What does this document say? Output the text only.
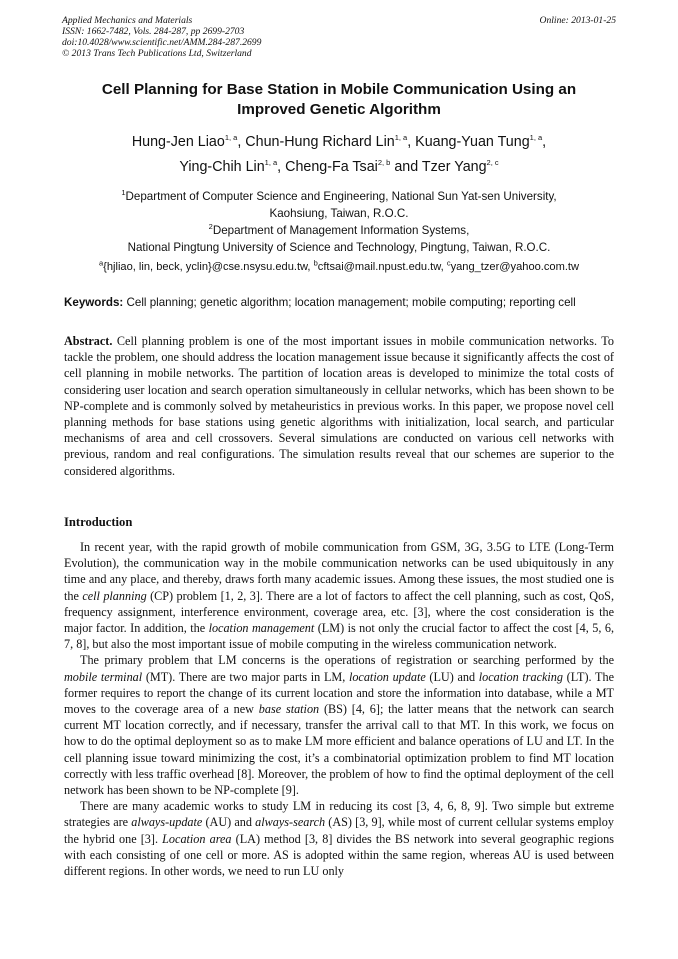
Applied Mechanics and Materials
ISSN: 1662-7482, Vols. 284-287, pp 2699-2703
doi:10.4028/www.scientific.net/AMM.284-287.2699
© 2013 Trans Tech Publications Ltd, Switzerland
Online: 2013-01-25
Cell Planning for Base Station in Mobile Communication Using an
Improved Genetic Algorithm
Hung-Jen Liao$^{1, a}$, Chun-Hung Richard Lin$^{1, a}$, Kuang-Yuan Tung$^{1, a}$,
Ying-Chih Lin$^{1, a}$, Cheng-Fa Tsai$^{2, b}$ and Tzer Yang$^{2, c}$
$^1$Department of Computer Science and Engineering, National Sun Yat-sen University,
Kaohsiung, Taiwan, R.O.C.
$^2$Department of Management Information Systems,
National Pingtung University of Science and Technology, Pingtung, Taiwan, R.O.C.
$^a${hjliao, lin, beck, yclin}@cse.nsysu.edu.tw, $^b$cftsai@mail.npust.edu.tw, $^c$yang_tzer@yahoo.com.tw
Keywords: Cell planning; genetic algorithm; location management; mobile computing; reporting cell
Abstract. Cell planning problem is one of the most important issues in mobile communication networks. To tackle the problem, one should address the location management issue because it significantly affects the cost of cell planning in mobile networks. The partition of location areas is developed to minimize the total costs of considering user location and search operation simultaneously in cellular networks, which has been shown to be NP-complete and is commonly solved by metaheuristics in previous works. In this paper, we propose novel cell planning methods for base stations using genetic algorithms with initialization, local search, and particular mechanisms of area and cell crossovers. Several simulations are conducted on various cell networks with previous, random and real configurations. The simulation results reveal that our schemes are superior to the considered algorithms.
Introduction

In recent year, with the rapid growth of mobile communication from GSM, 3G, 3.5G to LTE (Long-Term Evolution), the communication way in the mobile communication networks can be used ubiquitously in any time and any place, and thereby, draws forth many academic issues. Among these issues, the most studied one is the cell planning (CP) problem [1, 2, 3]. There are a lot of factors to affect the cell planning, such as cost, QoS, frequency assignment, interference environment, coverage area, etc. [3], where the cost consideration is the major factor. In addition, the location management (LM) is not only the crucial factor to affect the cost [4, 5, 6, 7, 8], but also the most important issue of mobile computing in the wireless communication network.

The primary problem that LM concerns is the operations of registration or searching performed by the mobile terminal (MT). There are two major parts in LM, location update (LU) and location tracking (LT). The former requires to report the change of its current location and store the information into database, while a MT moves to the coverage area of a new base station (BS) [4, 6]; the latter means that the network can search current MT location correctly, and if necessary, transfer the arrival call to that MT. In this work, we focus on how to do the optimal deployment so as to make LM more efficient and balance operations of LU and LT. In the cell planning issue toward minimizing the cost, it’s a combinatorial optimization problem to find MT location correctly with less traffic overhead [8]. Moreover, the problem of how to find the optimal deployment of the cell network has been shown to be NP-complete [9].

There are many academic works to study LM in reducing its cost [3, 4, 6, 8, 9]. Two simple but extreme strategies are always-update (AU) and always-search (AS) [3, 9], while most of current cellular systems employ the hybrid one [3]. Location area (LA) method [3, 8] divides the BS network into several geographic regions with each consisting of one cell or more. AS is adopted within the same region, whereas AU is used between different regions. In other words, we need to run LU only
